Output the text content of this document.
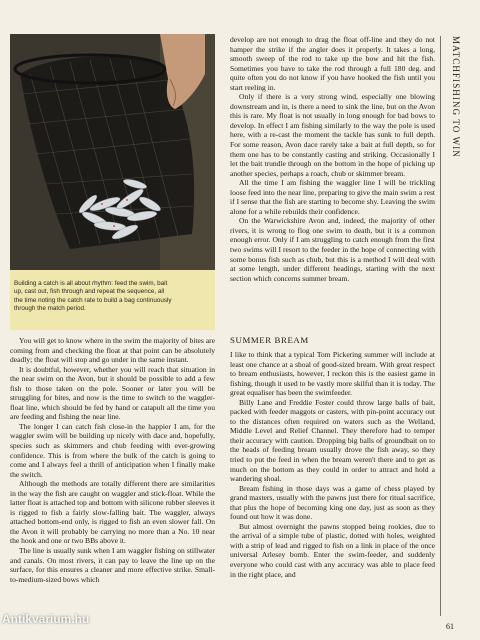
Building a catch is all about rhythm: feed the swim, bait up, cast out, fish through and repeat the sequence, all the time noting the catch rate to build a bag continuously through the match period.

You will get to know where in the swim the majority of bites are coming from and checking the float at that point can be absolutely deadly; the float will stop and go under in the same instant.

It is doubtful, however, whether you will reach that situation in the near swim on the Avon, but it should be possible to add a few fish to those taken on the pole. Sooner or later you will be struggling for bites, and now is the time to switch to the waggler-float line, which should be fed by hand or catapult all the time you are feeding and fishing the near line.

The longer I can catch fish close-in the happier I am, for the waggler swim will be building up nicely with dace and, hopefully, species such as skimmers and chub feeding with ever-growing confidence. This is from where the bulk of the catch is going to come and I always feel a thrill of anticipation when I finally make the switch.

Although the methods are totally different there are similarities in the way the fish are caught on waggler and stick-float. While the latter float is attached top and bottom with silicone rubber sleeves it is rigged to fish a fairly slow-falling bait. The waggler, always attached bottom-end only, is rigged to fish an even slower fall. On the Avon it will probably be carrying no more than a No. 10 near the hook and one or two BBs above it.

The line is usually sunk when I am waggler fishing on stillwater and canals. On most rivers, it can pay to leave the line up on the surface, for this ensures a cleaner and more effective strike. Small-to-medium-sized bows which

develop are not enough to drag the float off-line and they do not hamper the strike if the angler does it properly. It takes a long, smooth sweep of the rod to take up the bow and hit the fish. Sometimes you have to take the rod through a full 180 deg. and quite often you do not know if you have hooked the fish until you start reeling in.

Only if there is a very strong wind, especially one blowing downstream and in, is there a need to sink the line, but on the Avon this is rare. My float is not usually in long enough for bad bows to develop. In effect I am fishing similarly to the way the pole is used here, with a re-cast the moment the tackle has sunk to full depth. For some reason, Avon dace rarely take a bait at full depth, so for them one has to be constantly casting and striking. Occasionally I let the bait trundle through on the bottom in the hope of picking up another species, perhaps a roach, chub or skimmer bream.

All the time I am fishing the waggler line I will be trickling loose feed into the near line, preparing to give the main swim a rest if I sense that the fish are starting to become shy. Leaving the swim alone for a while rebuilds their confidence.

On the Warwickshire Avon and, indeed, the majority of other rivers, it is wrong to flog one swim to death, but it is a common enough error. Only if I am struggling to catch enough from the first two swims will I resort to the feeder in the hope of connecting with some bonus fish such as chub, but this is a method I will deal with at some length, under different headings, starting with the next section which concerns summer bream.

SUMMER BREAM

I like to think that a typical Tom Pickering summer will include at least one chance at a shoal of good-sized bream. With great respect to bream enthusiasts, however, I reckon this is the easiest game in fishing, though it used to be vastly more skilful than it is today. The great equaliser has been the swimfeeder.

Billy Lane and Freddie Foster could throw large balls of bait, packed with feeder maggots or casters, with pin-point accuracy out to the distances often required on waters such as the Welland, Middle Level and Relief Channel. They therefore had to temper their accuracy with caution. Dropping big balls of groundbait on to the heads of feeding bream usually drove the fish away, so they tried to put the feed in when the bream weren't there and to get as much on the bottom as they could in order to attract and hold a wandering shoal.

Bream fishing in those days was a game of chess played by grand masters, usually with the pawns just there for ritual sacrifice, that plus the hope of becoming king one day, just as soon as they found out how it was done.

But almost overnight the pawns stopped being rookies, due to the arrival of a simple tube of plastic, dotted with holes, weighted with a strip of lead and rigged to fish on a link in place of the once universal Arlesey bomb. Enter the swim-feeder, and suddenly everyone who could cast with any accuracy was able to place feed in the right place, and

MATCHFISHING TO WIN
61
Antikvarium.hu
